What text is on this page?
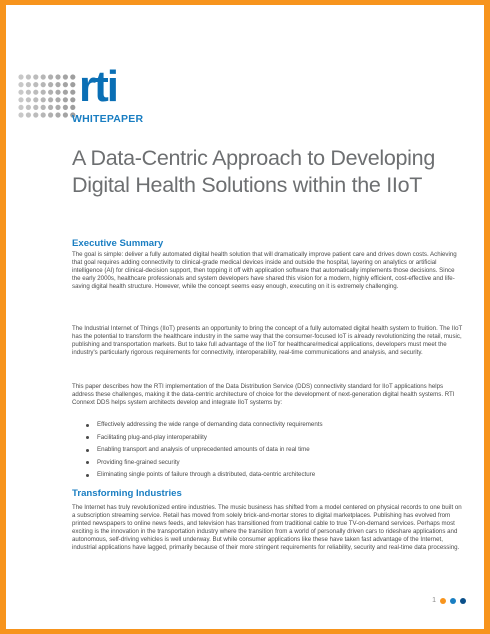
rti
WHITEPAPER
A Data-Centric Approach to Developing Digital Health Solutions within the IIoT
Executive Summary
The goal is simple: deliver a fully automated digital health solution that will dramatically improve patient care and drives down costs. Achieving that goal requires adding connectivity to clinical-grade medical devices inside and outside the hospital, layering on analytics or artificial intelligence (AI) for clinical-decision support, then topping it off with application software that automatically implements those decisions. Since the early 2000s, healthcare professionals and system developers have shared this vision for a modern, highly efficient, cost-effective and life-saving digital health structure. However, while the concept seems easy enough, executing on it is extremely challenging.
The Industrial Internet of Things (IIoT) presents an opportunity to bring the concept of a fully automated digital health system to fruition. The IIoT has the potential to transform the healthcare industry in the same way that the consumer-focused IoT is already revolutionizing the retail, music, publishing and transportation markets. But to take full advantage of the IIoT for healthcare/medical applications, developers must meet the industry's particularly rigorous requirements for connectivity, interoperability, real-time communications and analysis, and security.
This paper describes how the RTI implementation of the Data Distribution Service (DDS) connectivity standard for IIoT applications helps address these challenges, making it the data-centric architecture of choice for the development of next-generation digital health systems. RTI Connext DDS helps system architects develop and integrate IIoT systems by:
Effectively addressing the wide range of demanding data connectivity requirements
Facilitating plug-and-play interoperability
Enabling transport and analysis of unprecedented amounts of data in real time
Providing fine-grained security
Eliminating single points of failure through a distributed, data-centric architecture
Transforming Industries
The Internet has truly revolutionized entire industries. The music business has shifted from a model centered on physical records to one built on a subscription streaming service. Retail has moved from solely brick-and-mortar stores to digital marketplaces. Publishing has evolved from printed newspapers to online news feeds, and television has transitioned from traditional cable to true TV-on-demand services. Perhaps most exciting is the innovation in the transportation industry where the transition from a world of personally driven cars to rideshare applications and autonomous, self-driving vehicles is well underway. But while consumer applications like these have taken fast advantage of the Internet, industrial applications have lagged, primarily because of their more stringent requirements for reliability, security and real-time data processing.
1
